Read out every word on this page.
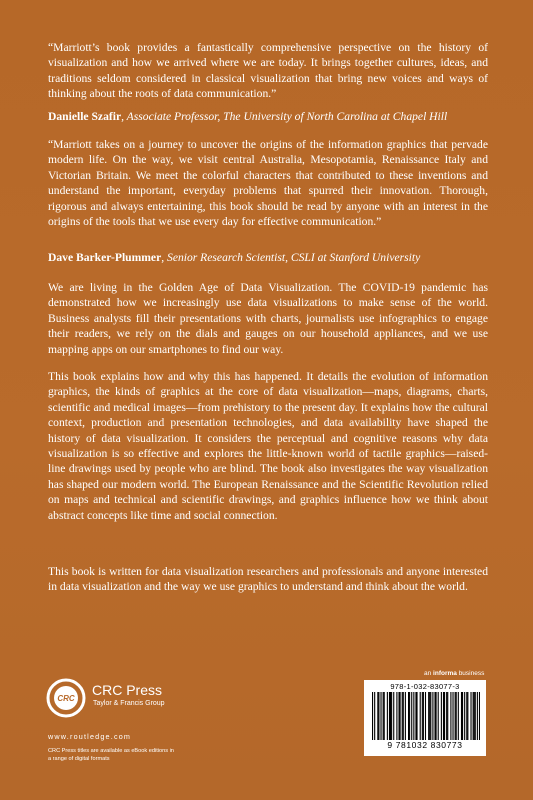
“Marriott’s book provides a fantastically comprehensive perspective on the history of visualization and how we arrived where we are today. It brings together cultures, ideas, and traditions seldom considered in classical visualization that bring new voices and ways of thinking about the roots of data communication.”

Danielle Szafir, Associate Professor, The University of North Carolina at Chapel Hill

“Marriott takes on a journey to uncover the origins of the information graphics that pervade modern life. On the way, we visit central Australia, Mesopotamia, Renaissance Italy and Victorian Britain. We meet the colorful characters that contributed to these inventions and understand the important, everyday problems that spurred their innovation. Thorough, rigorous and always entertaining, this book should be read by anyone with an interest in the origins of the tools that we use every day for effective communication.”

Dave Barker-Plummer, Senior Research Scientist, CSLI at Stanford University

We are living in the Golden Age of Data Visualization. The COVID-19 pandemic has demonstrated how we increasingly use data visualizations to make sense of the world. Business analysts fill their presentations with charts, journalists use infographics to engage their readers, we rely on the dials and gauges on our household appliances, and we use mapping apps on our smartphones to find our way.

This book explains how and why this has happened. It details the evolution of information graphics, the kinds of graphics at the core of data visualization—maps, diagrams, charts, scientific and medical images—from prehistory to the present day. It explains how the cultural context, production and presentation technologies, and data availability have shaped the history of data visualization. It considers the perceptual and cognitive reasons why data visualization is so effective and explores the little-known world of tactile graphics—raised-line drawings used by people who are blind. The book also investigates the way visualization has shaped our modern world. The European Renaissance and the Scientific Revolution relied on maps and technical and scientific drawings, and graphics influence how we think about abstract concepts like time and social connection.

This book is written for data visualization researchers and professionals and anyone interested in data visualization and the way we use graphics to understand and think about the world.

CRC
CRC Press
Taylor & Francis Group
www.routledge.com
CRC Press titles are available as eBook editions in a range of digital formats
an informa business
978-1-032-83077-3
9 781032 830773
